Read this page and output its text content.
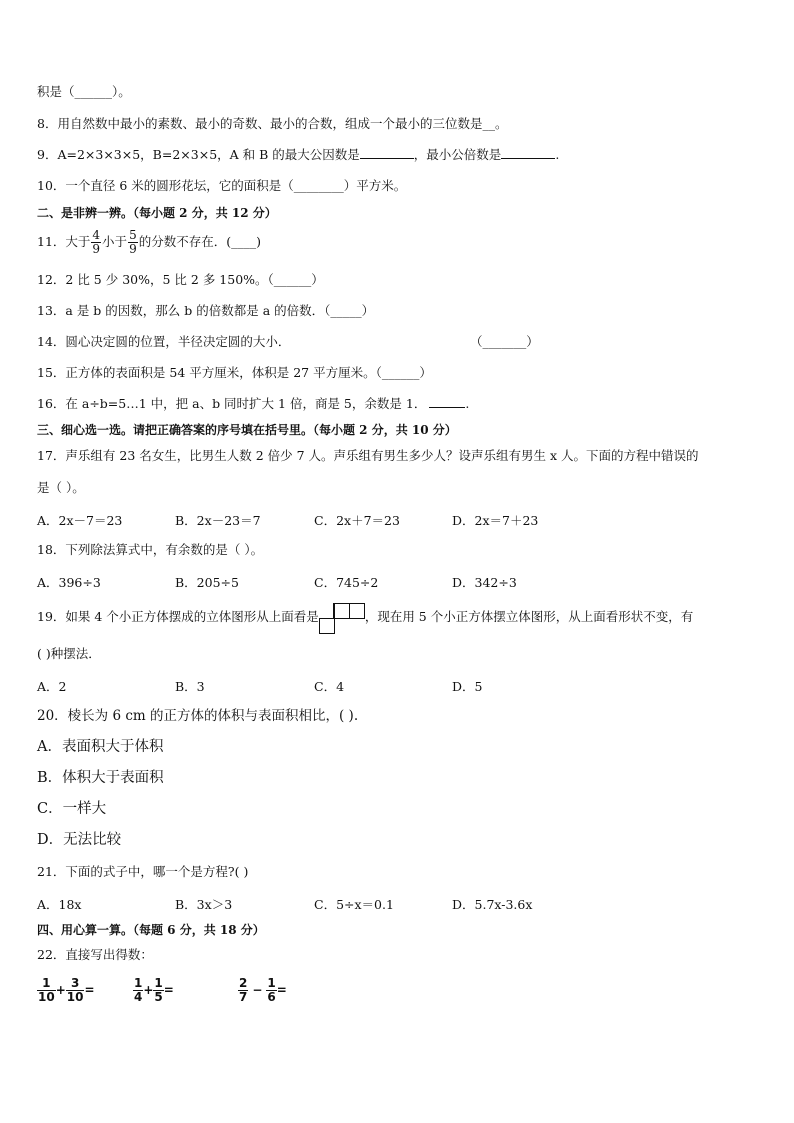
积是（______）。
8．用自然数中最小的素数、最小的奇数、最小的合数，组成一个最小的三位数是__。
9．A=2×3×3×5，B=2×3×5，A 和 B 的最大公因数是	，最小公倍数是	.
10．一个直径 6 米的圆形花坛，它的面积是（________）平方米。
二、是非辨一辨。（每小题 2 分，共 12 分）
11．大于 $\frac{4}{9}$ 小于 $\frac{5}{9}$ 的分数不存在．(____)
12．2 比 5 少 30%，5 比 2 多 150%。（______）
13．a 是 b 的因数，那么 b 的倍数都是 a 的倍数．（_____）
14．圆心决定圆的位置，半径决定圆的大小．	（_______）
15．正方体的表面积是 54 平方厘米，体积是 27 平方厘米。（______）
16．在 a÷b=5…1 中，把 a、b 同时扩大 1 倍，商是 5，余数是 1．	.
三、细心选一选。请把正确答案的序号填在括号里。（每小题 2 分，共 10 分）
17．声乐组有 23 名女生，比男生人数 2 倍少 7 人。声乐组有男生多少人？设声乐组有男生 x 人。下面的方程中错误的
是（ ）。
A．2x－7＝23	B．2x－23＝7	C．2x＋7＝23	D．2x＝7＋23
18．下列除法算式中，有余数的是（ ）。
A．396÷3	B．205÷5	C．745÷2	D．342÷3
19．如果 4 个小正方体摆成的立体图形从上面看是	，现在用 5 个小正方体摆立体图形，从上面看形状不变，有
( )种摆法．
A．2	B．3	C．4	D．5
20．棱长为 6 cm 的正方体的体积与表面积相比，( ).
A．表面积大于体积
B．体积大于表面积
C．一样大
D．无法比较
21．下面的式子中，哪一个是方程?( )
A．18x	B．3x＞3	C．5÷x＝0.1	D．5.7x-3.6x
四、用心算一算。（每题 6 分，共 18 分）
22．直接写出得数：
$\frac{1}{10} + \frac{3}{10}$ =	$\frac{1}{4} + \frac{1}{5}$ =	$\frac{2}{7} - \frac{1}{6}$ =
